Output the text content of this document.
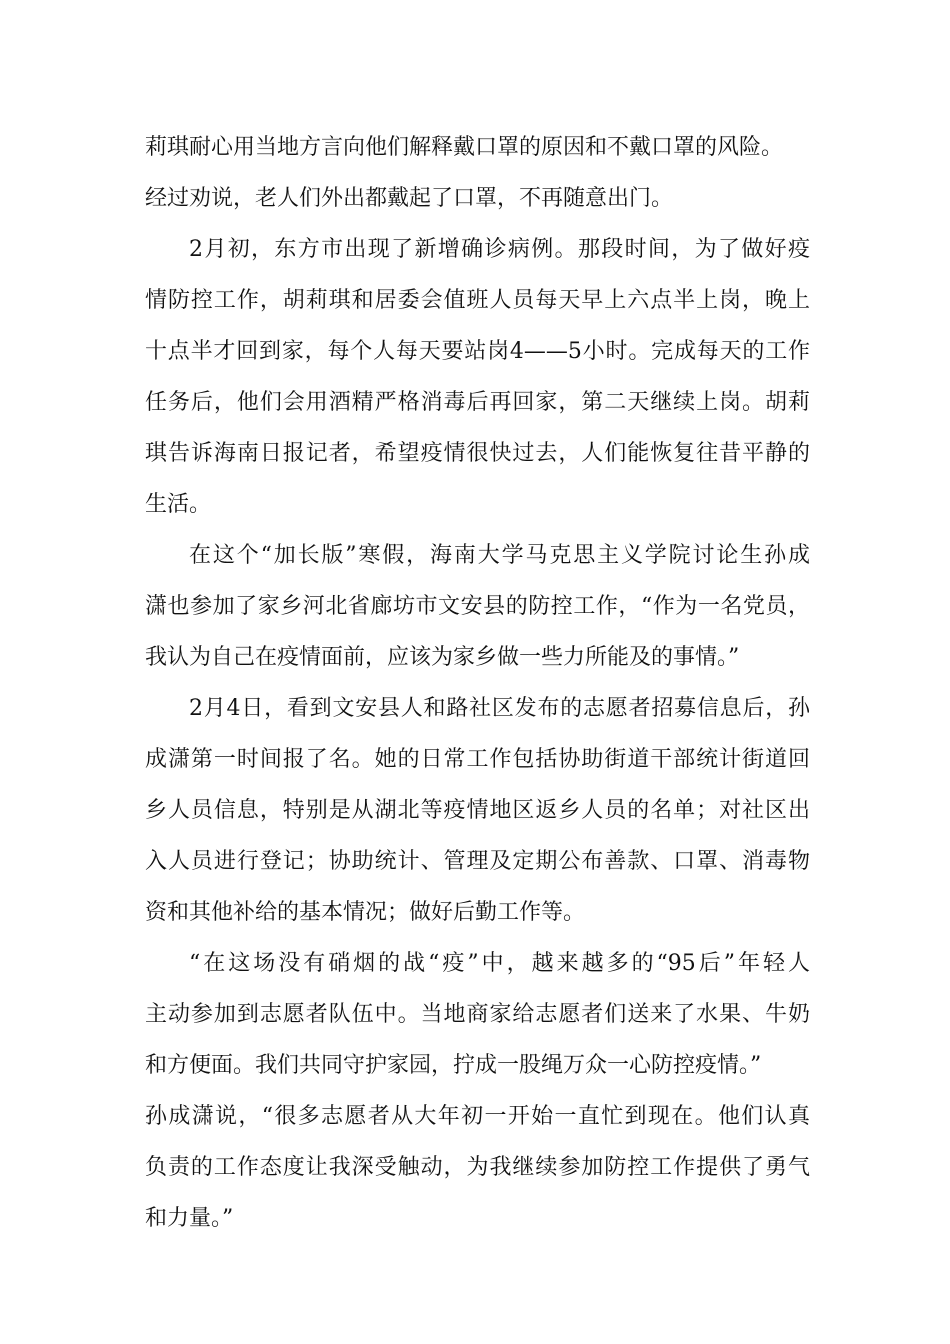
莉琪耐心用当地方言向他们解释戴口罩的原因和不戴口罩的风险。
经过劝说，老人们外出都戴起了口罩，不再随意出门。
2月初，东方市出现了新增确诊病例。那段时间，为了做好疫
情防控工作，胡莉琪和居委会值班人员每天早上六点半上岗，晚上
十点半才回到家，每个人每天要站岗4——5小时。完成每天的工作
任务后，他们会用酒精严格消毒后再回家，第二天继续上岗。胡莉
琪告诉海南日报记者，希望疫情很快过去，人们能恢复往昔平静的
生活。
在这个“加长版”寒假，海南大学马克思主义学院讨论生孙成
潇也参加了家乡河北省廊坊市文安县的防控工作，“作为一名党员，
我认为自己在疫情面前，应该为家乡做一些力所能及的事情。”
2月4日，看到文安县人和路社区发布的志愿者招募信息后，孙
成潇第一时间报了名。她的日常工作包括协助街道干部统计街道回
乡人员信息，特别是从湖北等疫情地区返乡人员的名单；对社区出
入人员进行登记；协助统计、管理及定期公布善款、口罩、消毒物
资和其他补给的基本情况；做好后勤工作等。
“在这场没有硝烟的战“疫”中，越来越多的“95后”年轻人
主动参加到志愿者队伍中。当地商家给志愿者们送来了水果、牛奶
和方便面。我们共同守护家园，拧成一股绳万众一心防控疫情。”
孙成潇说，“很多志愿者从大年初一开始一直忙到现在。他们认真
负责的工作态度让我深受触动，为我继续参加防控工作提供了勇气
和力量。”
